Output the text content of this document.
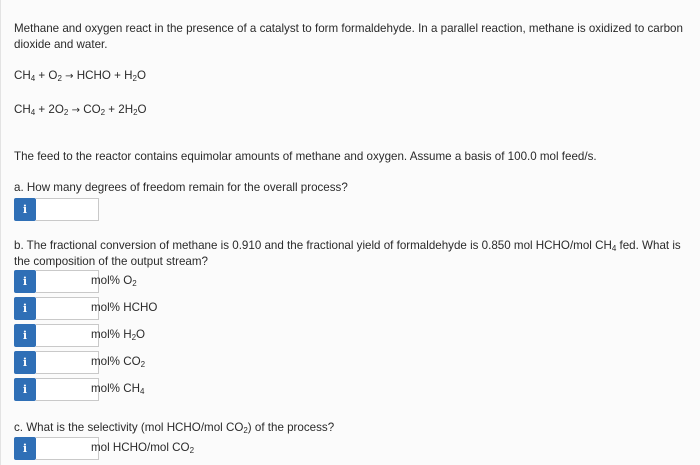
Methane and oxygen react in the presence of a catalyst to form formaldehyde. In a parallel reaction, methane is oxidized to carbon dioxide and water.

$CH_4 + O_2$ → HCHO + $H_2O$

$CH_4 + 2O_2 \to CO_2 + 2H_2O$

The feed to the reactor contains equimolar amounts of methane and oxygen. Assume a basis of 100.0 mol feed/s.

a. How many degrees of freedom remain for the overall process?

i

b. The fractional conversion of methane is 0.910 and the fractional yield of formaldehyde is 0.850 mol HCHO/mol $CH_4$ fed. What is the composition of the output stream?

i	mol% $O_2$
i	mol% HCHO
i	mol% $H_2O$
i	mol% $CO_2$
i	mol% $CH_4$

c. What is the selectivity (mol HCHO/mol $CO_2$) of the process?

i	mol HCHO/mol $CO_2$
